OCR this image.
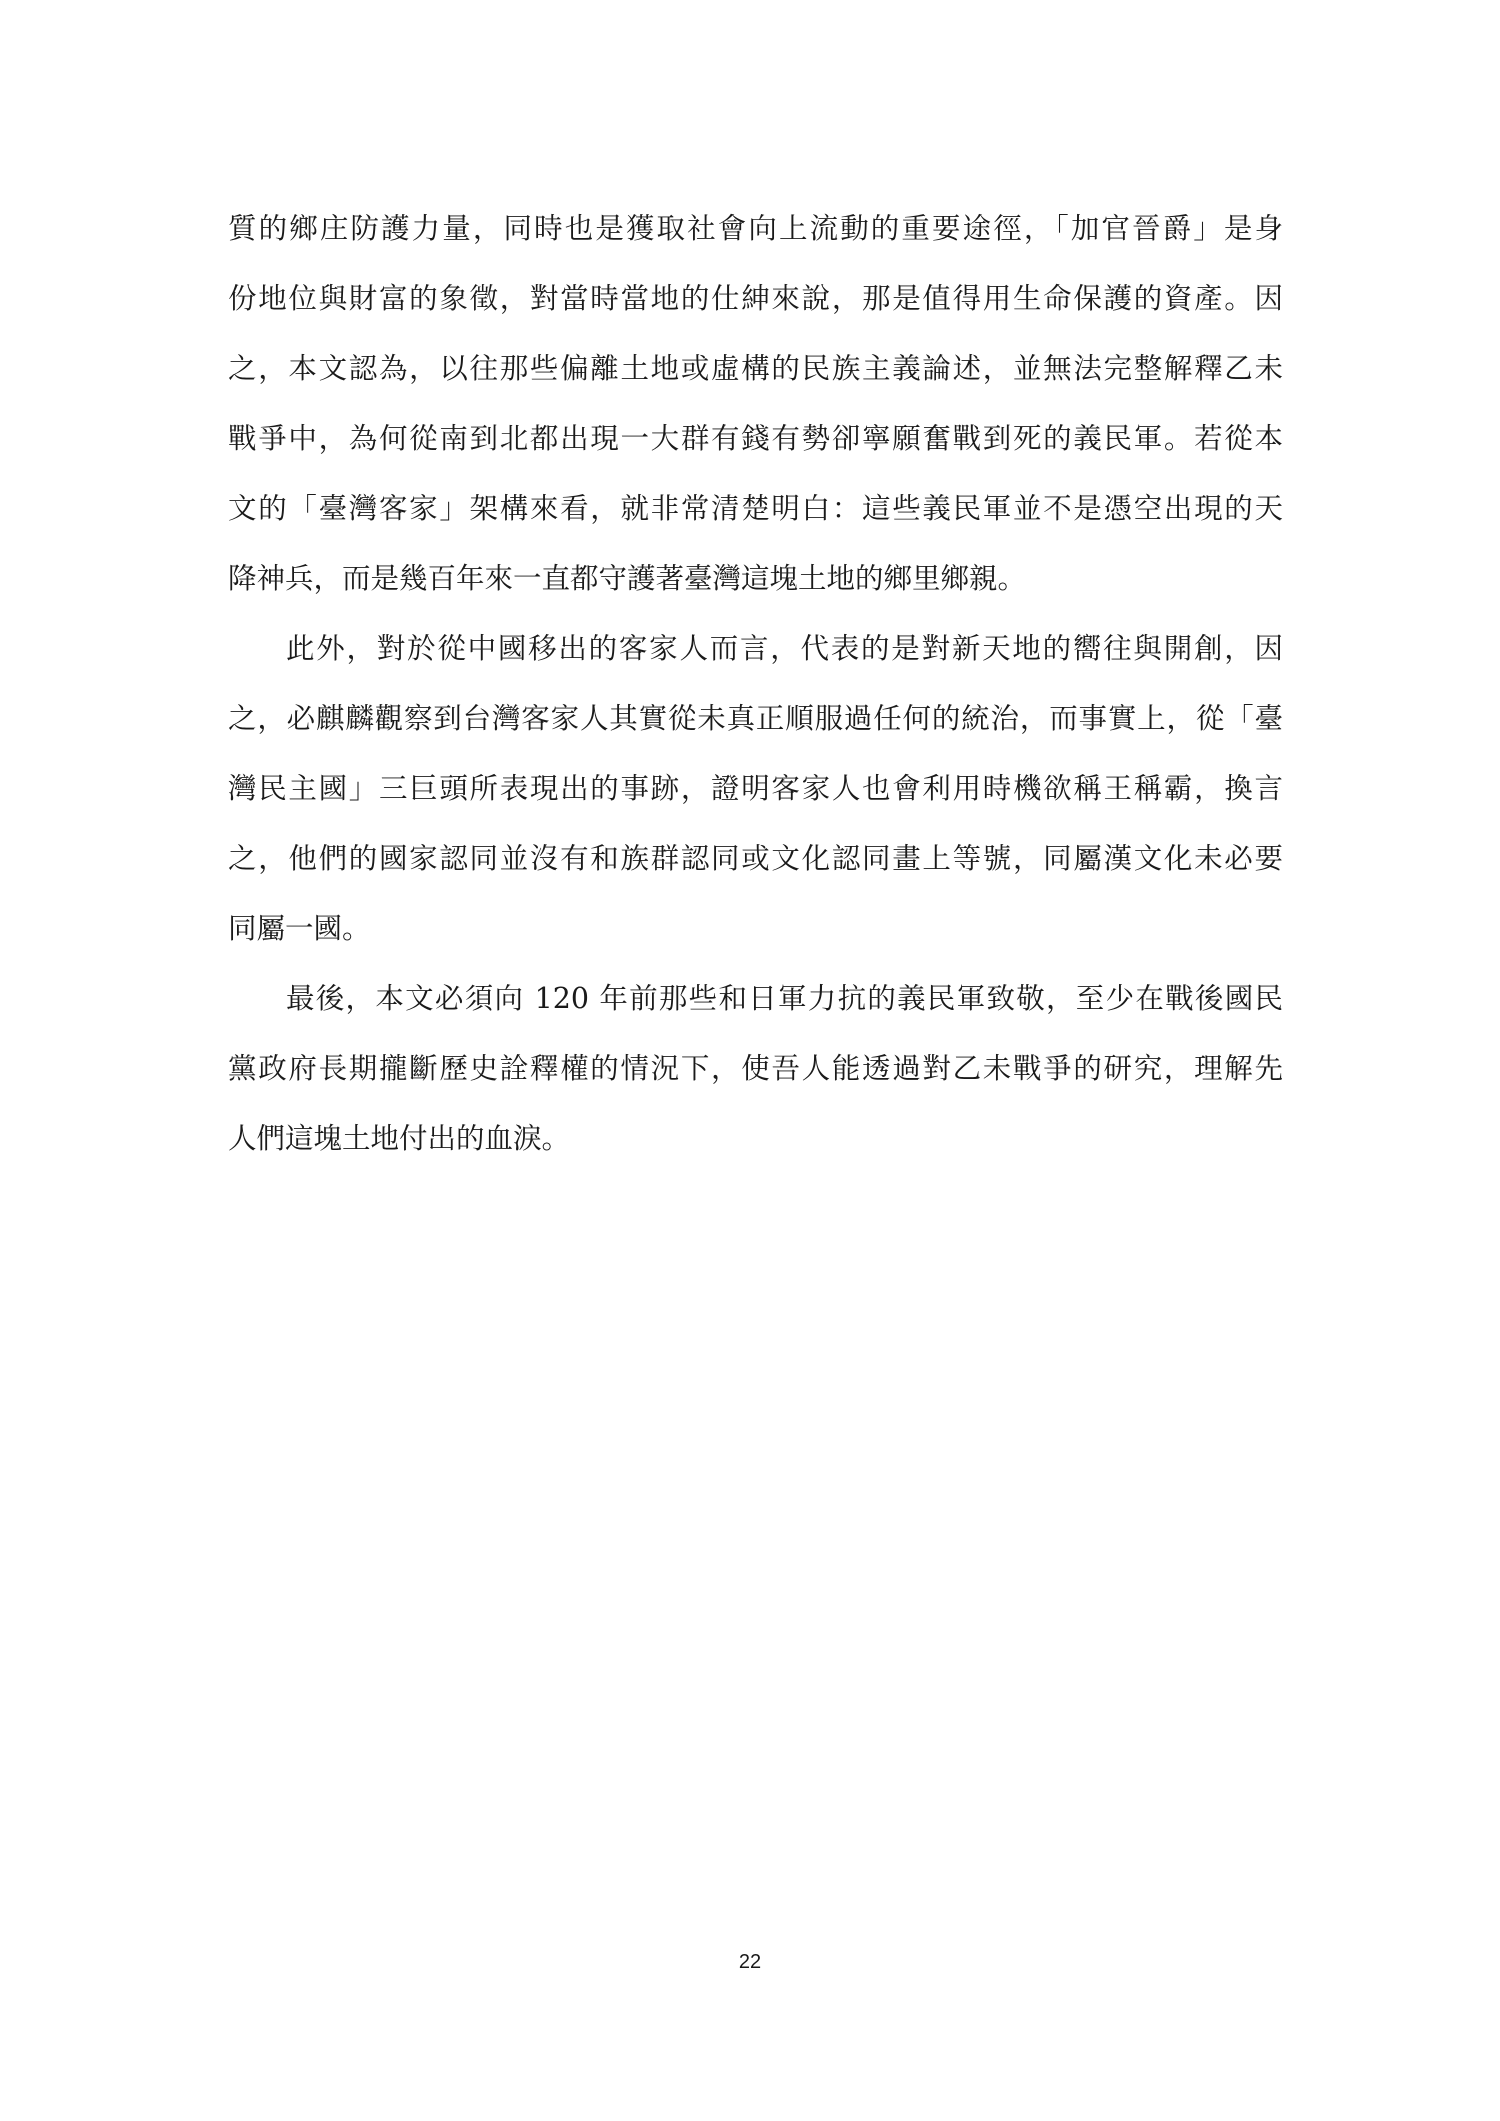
質的鄉庄防護力量，同時也是獲取社會向上流動的重要途徑，「加官晉爵」是身
份地位與財富的象徵，對當時當地的仕紳來說，那是值得用生命保護的資產。因
之，本文認為，以往那些偏離土地或虛構的民族主義論述，並無法完整解釋乙未
戰爭中，為何從南到北都出現一大群有錢有勢卻寧願奮戰到死的義民軍。若從本
文的「臺灣客家」架構來看，就非常清楚明白：這些義民軍並不是憑空出現的天
降神兵，而是幾百年來一直都守護著臺灣這塊土地的鄉里鄉親。
此外，對於從中國移出的客家人而言，代表的是對新天地的嚮往與開創，因
之，必麒麟觀察到台灣客家人其實從未真正順服過任何的統治，而事實上，從「臺
灣民主國」三巨頭所表現出的事跡，證明客家人也會利用時機欲稱王稱霸，換言
之，他們的國家認同並沒有和族群認同或文化認同畫上等號，同屬漢文化未必要
同屬一國。
最後，本文必須向 120 年前那些和日軍力抗的義民軍致敬，至少在戰後國民
黨政府長期攏斷歷史詮釋權的情況下，使吾人能透過對乙未戰爭的研究，理解先
人們這塊土地付出的血淚。
22
